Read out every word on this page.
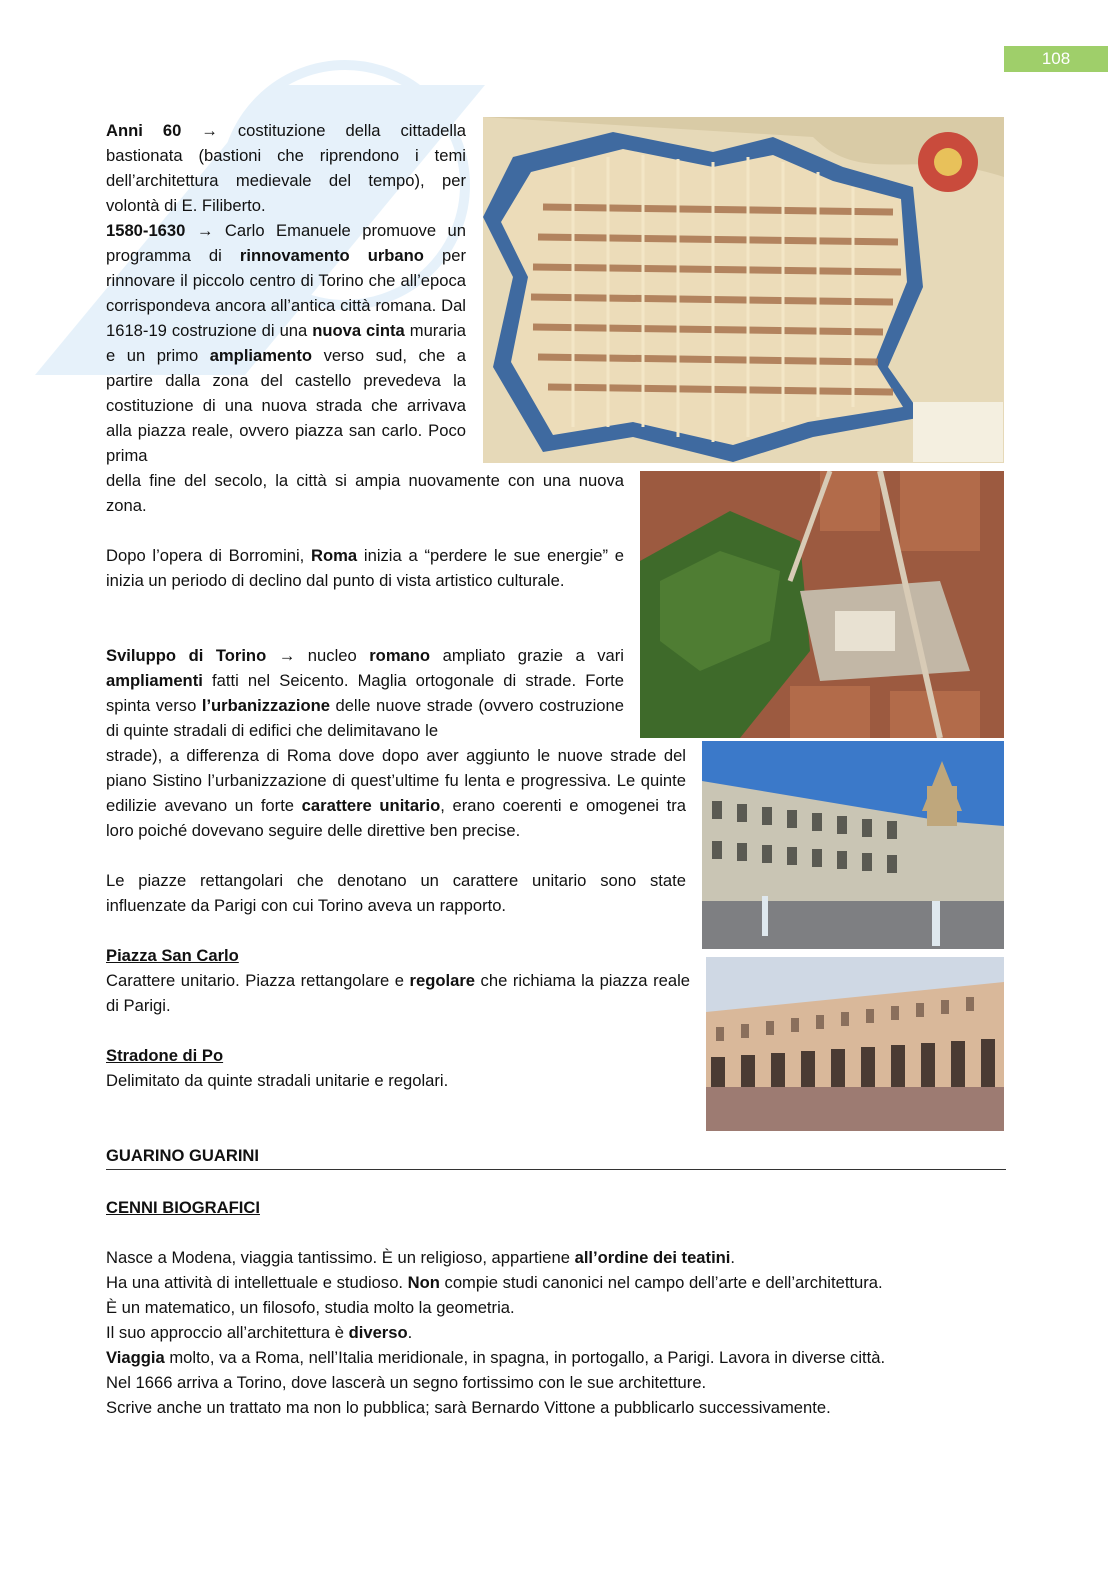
108

Anni 60 → costituzione della cittadella bastionata (bastioni che riprendono i temi dell’architettura medievale del tempo), per volontà di E. Filiberto.

1580-1630 → Carlo Emanuele promuove un programma di rinnovamento urbano per rinnovare il piccolo centro di Torino che all’epoca corrispondeva ancora all’antica città romana. Dal 1618-19 costruzione di una nuova cinta muraria e un primo ampliamento verso sud, che a partire dalla zona del castello prevedeva la costituzione di una nuova strada che arrivava alla piazza reale, ovvero piazza san carlo. Poco prima

della fine del secolo, la città si ampia nuovamente con una nuova zona.

Dopo l’opera di Borromini, Roma inizia a “perdere le sue energie” e inizia un periodo di declino dal punto di vista artistico culturale.

Sviluppo di Torino → nucleo romano ampliato grazie a vari ampliamenti fatti nel Seicento. Maglia ortogonale di strade. Forte spinta verso l’urbanizzazione delle nuove strade (ovvero costruzione di quinte stradali di edifici che delimitavano le

strade), a differenza di Roma dove dopo aver aggiunto le nuove strade del piano Sistino l’urbanizzazione di quest’ultime fu lenta e progressiva. Le quinte edilizie avevano un forte carattere unitario, erano coerenti e omogenei tra loro poiché dovevano seguire delle direttive ben precise.

Le piazze rettangolari che denotano un carattere unitario sono state influenzate da Parigi con cui Torino aveva un rapporto.

Piazza San Carlo

Carattere unitario. Piazza rettangolare e regolare che richiama la piazza reale di Parigi.

Stradone di Po

Delimitato da quinte stradali unitarie e regolari.

GUARINO GUARINI

CENNI BIOGRAFICI

Nasce a Modena, viaggia tantissimo. È un religioso, appartiene all’ordine dei teatini.
Ha una attività di intellettuale e studioso. Non compie studi canonici nel campo dell’arte e dell’architettura.
È un matematico, un filosofo, studia molto la geometria.
Il suo approccio all’architettura è diverso.
Viaggia molto, va a Roma, nell’Italia meridionale, in spagna, in portogallo, a Parigi. Lavora in diverse città.
Nel 1666 arriva a Torino, dove lascerà un segno fortissimo con le sue architetture.
Scrive anche un trattato ma non lo pubblica; sarà Bernardo Vittone a pubblicarlo successivamente.
